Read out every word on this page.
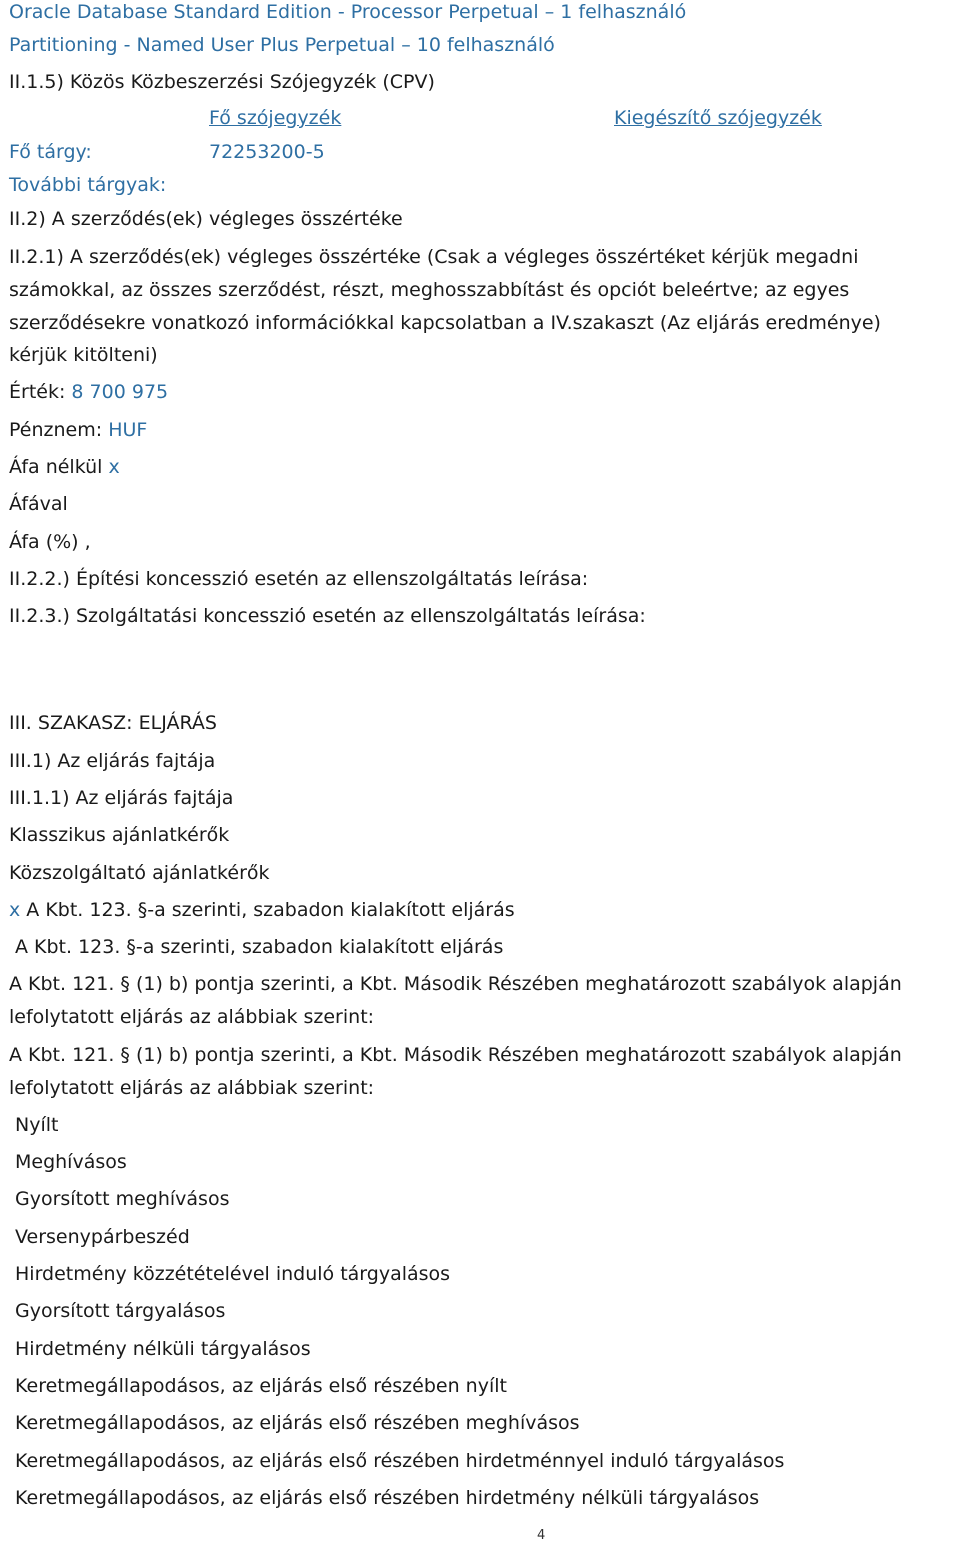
Oracle Database Standard Edition - Processor Perpetual – 1 felhasználó
Partitioning - Named User Plus Perpetual – 10 felhasználó
II.1.5) Közös Közbeszerzési Szójegyzék (CPV)
Fő szójegyzék	Kiegészítő szójegyzék
Fő tárgy:	72253200-5
További tárgyak:
II.2) A szerződés(ek) végleges összértéke
II.2.1) A szerződés(ek) végleges összértéke (Csak a végleges összértéket kérjük megadni
számokkal, az összes szerződést, részt, meghosszabbítást és opciót beleértve; az egyes
szerződésekre vonatkozó információkkal kapcsolatban a IV.szakaszt (Az eljárás eredménye)
kérjük kitölteni)
Érték: 8 700 975
Pénznem: HUF
Áfa nélkül x
Áfával
Áfa (%) ,
II.2.2.) Építési koncesszió esetén az ellenszolgáltatás leírása:
II.2.3.) Szolgáltatási koncesszió esetén az ellenszolgáltatás leírása:
III. SZAKASZ: ELJÁRÁS
III.1) Az eljárás fajtája
III.1.1) Az eljárás fajtája
Klasszikus ajánlatkérők
Közszolgáltató ajánlatkérők
x A Kbt. 123. §-a szerinti, szabadon kialakított eljárás
A Kbt. 123. §-a szerinti, szabadon kialakított eljárás
A Kbt. 121. § (1) b) pontja szerinti, a Kbt. Második Részében meghatározott szabályok alapján
lefolytatott eljárás az alábbiak szerint:
A Kbt. 121. § (1) b) pontja szerinti, a Kbt. Második Részében meghatározott szabályok alapján
lefolytatott eljárás az alábbiak szerint:
Nyílt
Meghívásos
Gyorsított meghívásos
Versenypárbeszéd
Hirdetmény közzétételével induló tárgyalásos
Gyorsított tárgyalásos
Hirdetmény nélküli tárgyalásos
Keretmegállapodásos, az eljárás első részében nyílt
Keretmegállapodásos, az eljárás első részében meghívásos
Keretmegállapodásos, az eljárás első részében hirdetménnyel induló tárgyalásos
Keretmegállapodásos, az eljárás első részében hirdetmény nélküli tárgyalásos
4
